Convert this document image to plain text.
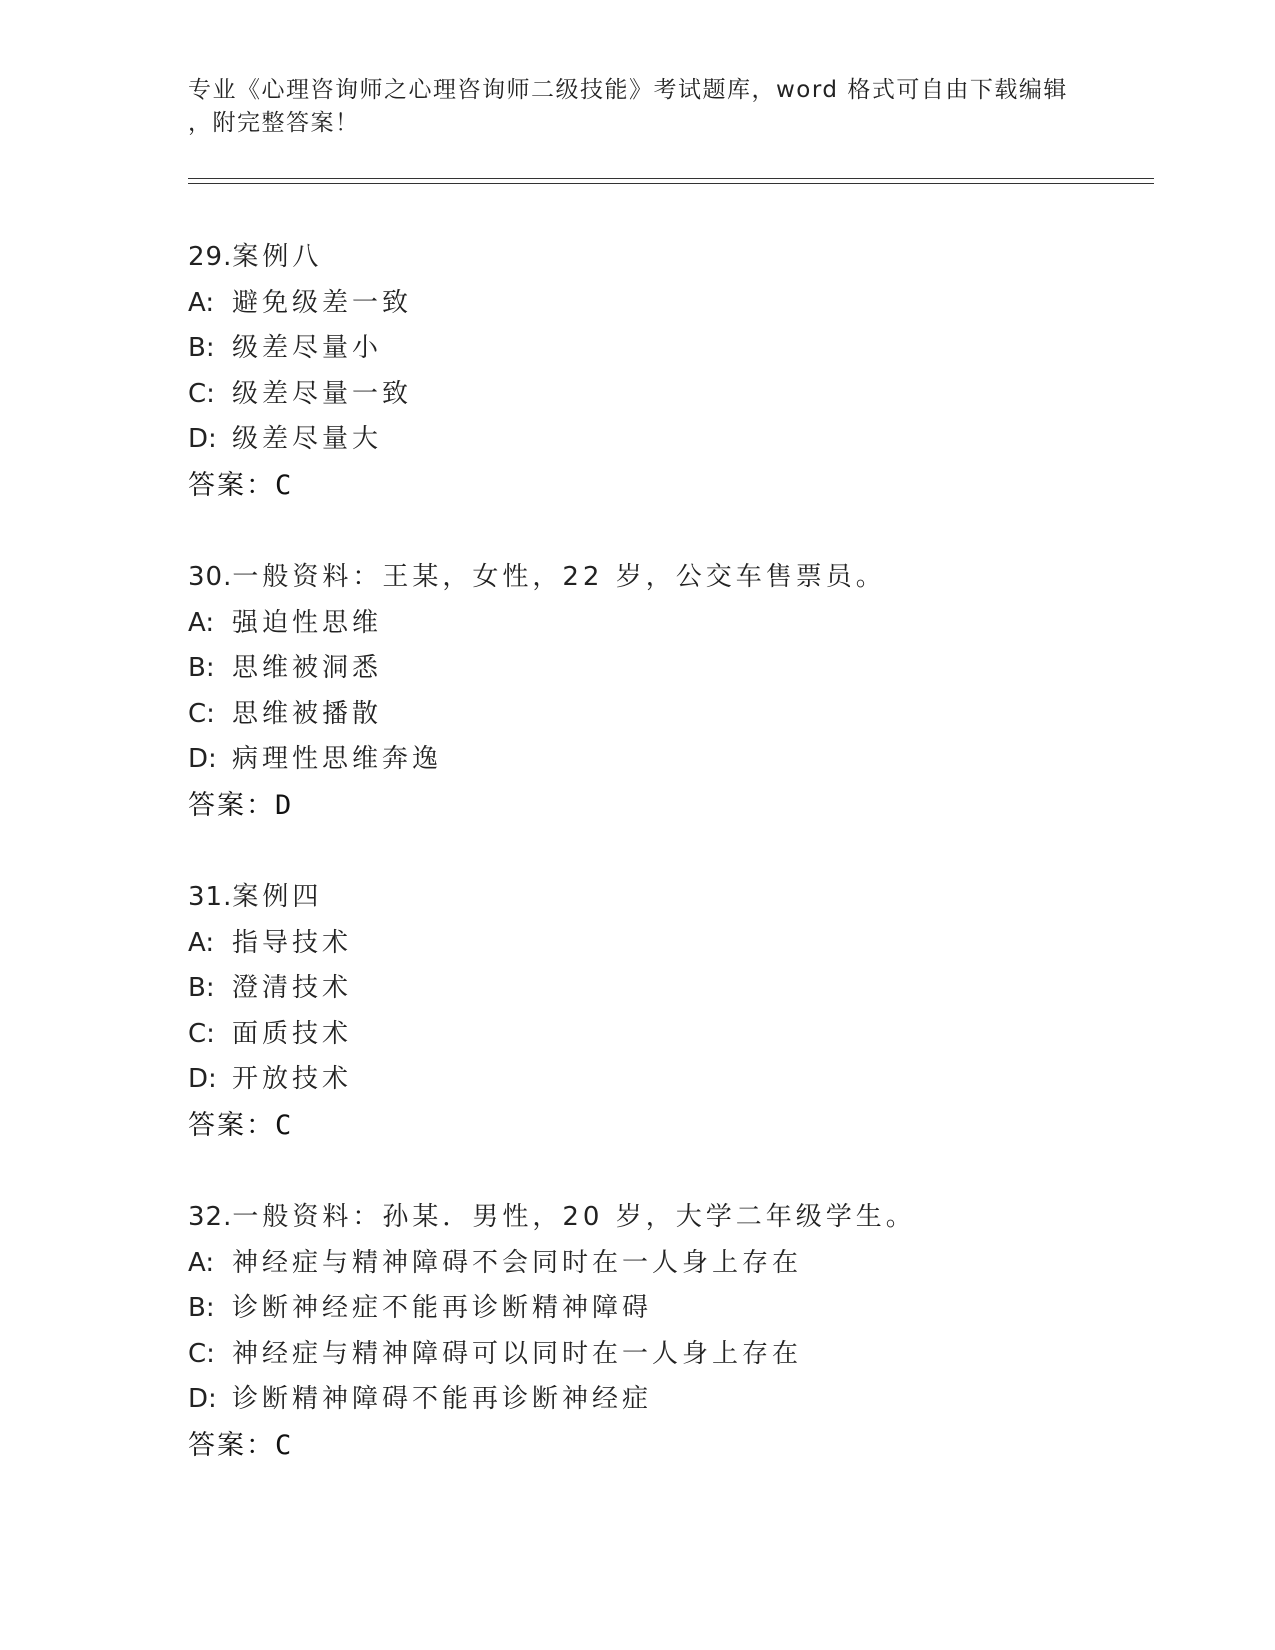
专业《心理咨询师之心理咨询师二级技能》考试题库，word 格式可自由下载编辑
，附完整答案！
29.案例八
A: 避免级差一致
B: 级差尽量小
C: 级差尽量一致
D: 级差尽量大
答案：C
30.一般资料：王某，女性，22 岁，公交车售票员。
A: 强迫性思维
B: 思维被洞悉
C: 思维被播散
D: 病理性思维奔逸
答案：D
31.案例四
A: 指导技术
B: 澄清技术
C: 面质技术
D: 开放技术
答案：C
32.一般资料：孙某．男性，20 岁，大学二年级学生。
A: 神经症与精神障碍不会同时在一人身上存在
B: 诊断神经症不能再诊断精神障碍
C: 神经症与精神障碍可以同时在一人身上存在
D: 诊断精神障碍不能再诊断神经症
答案：C
